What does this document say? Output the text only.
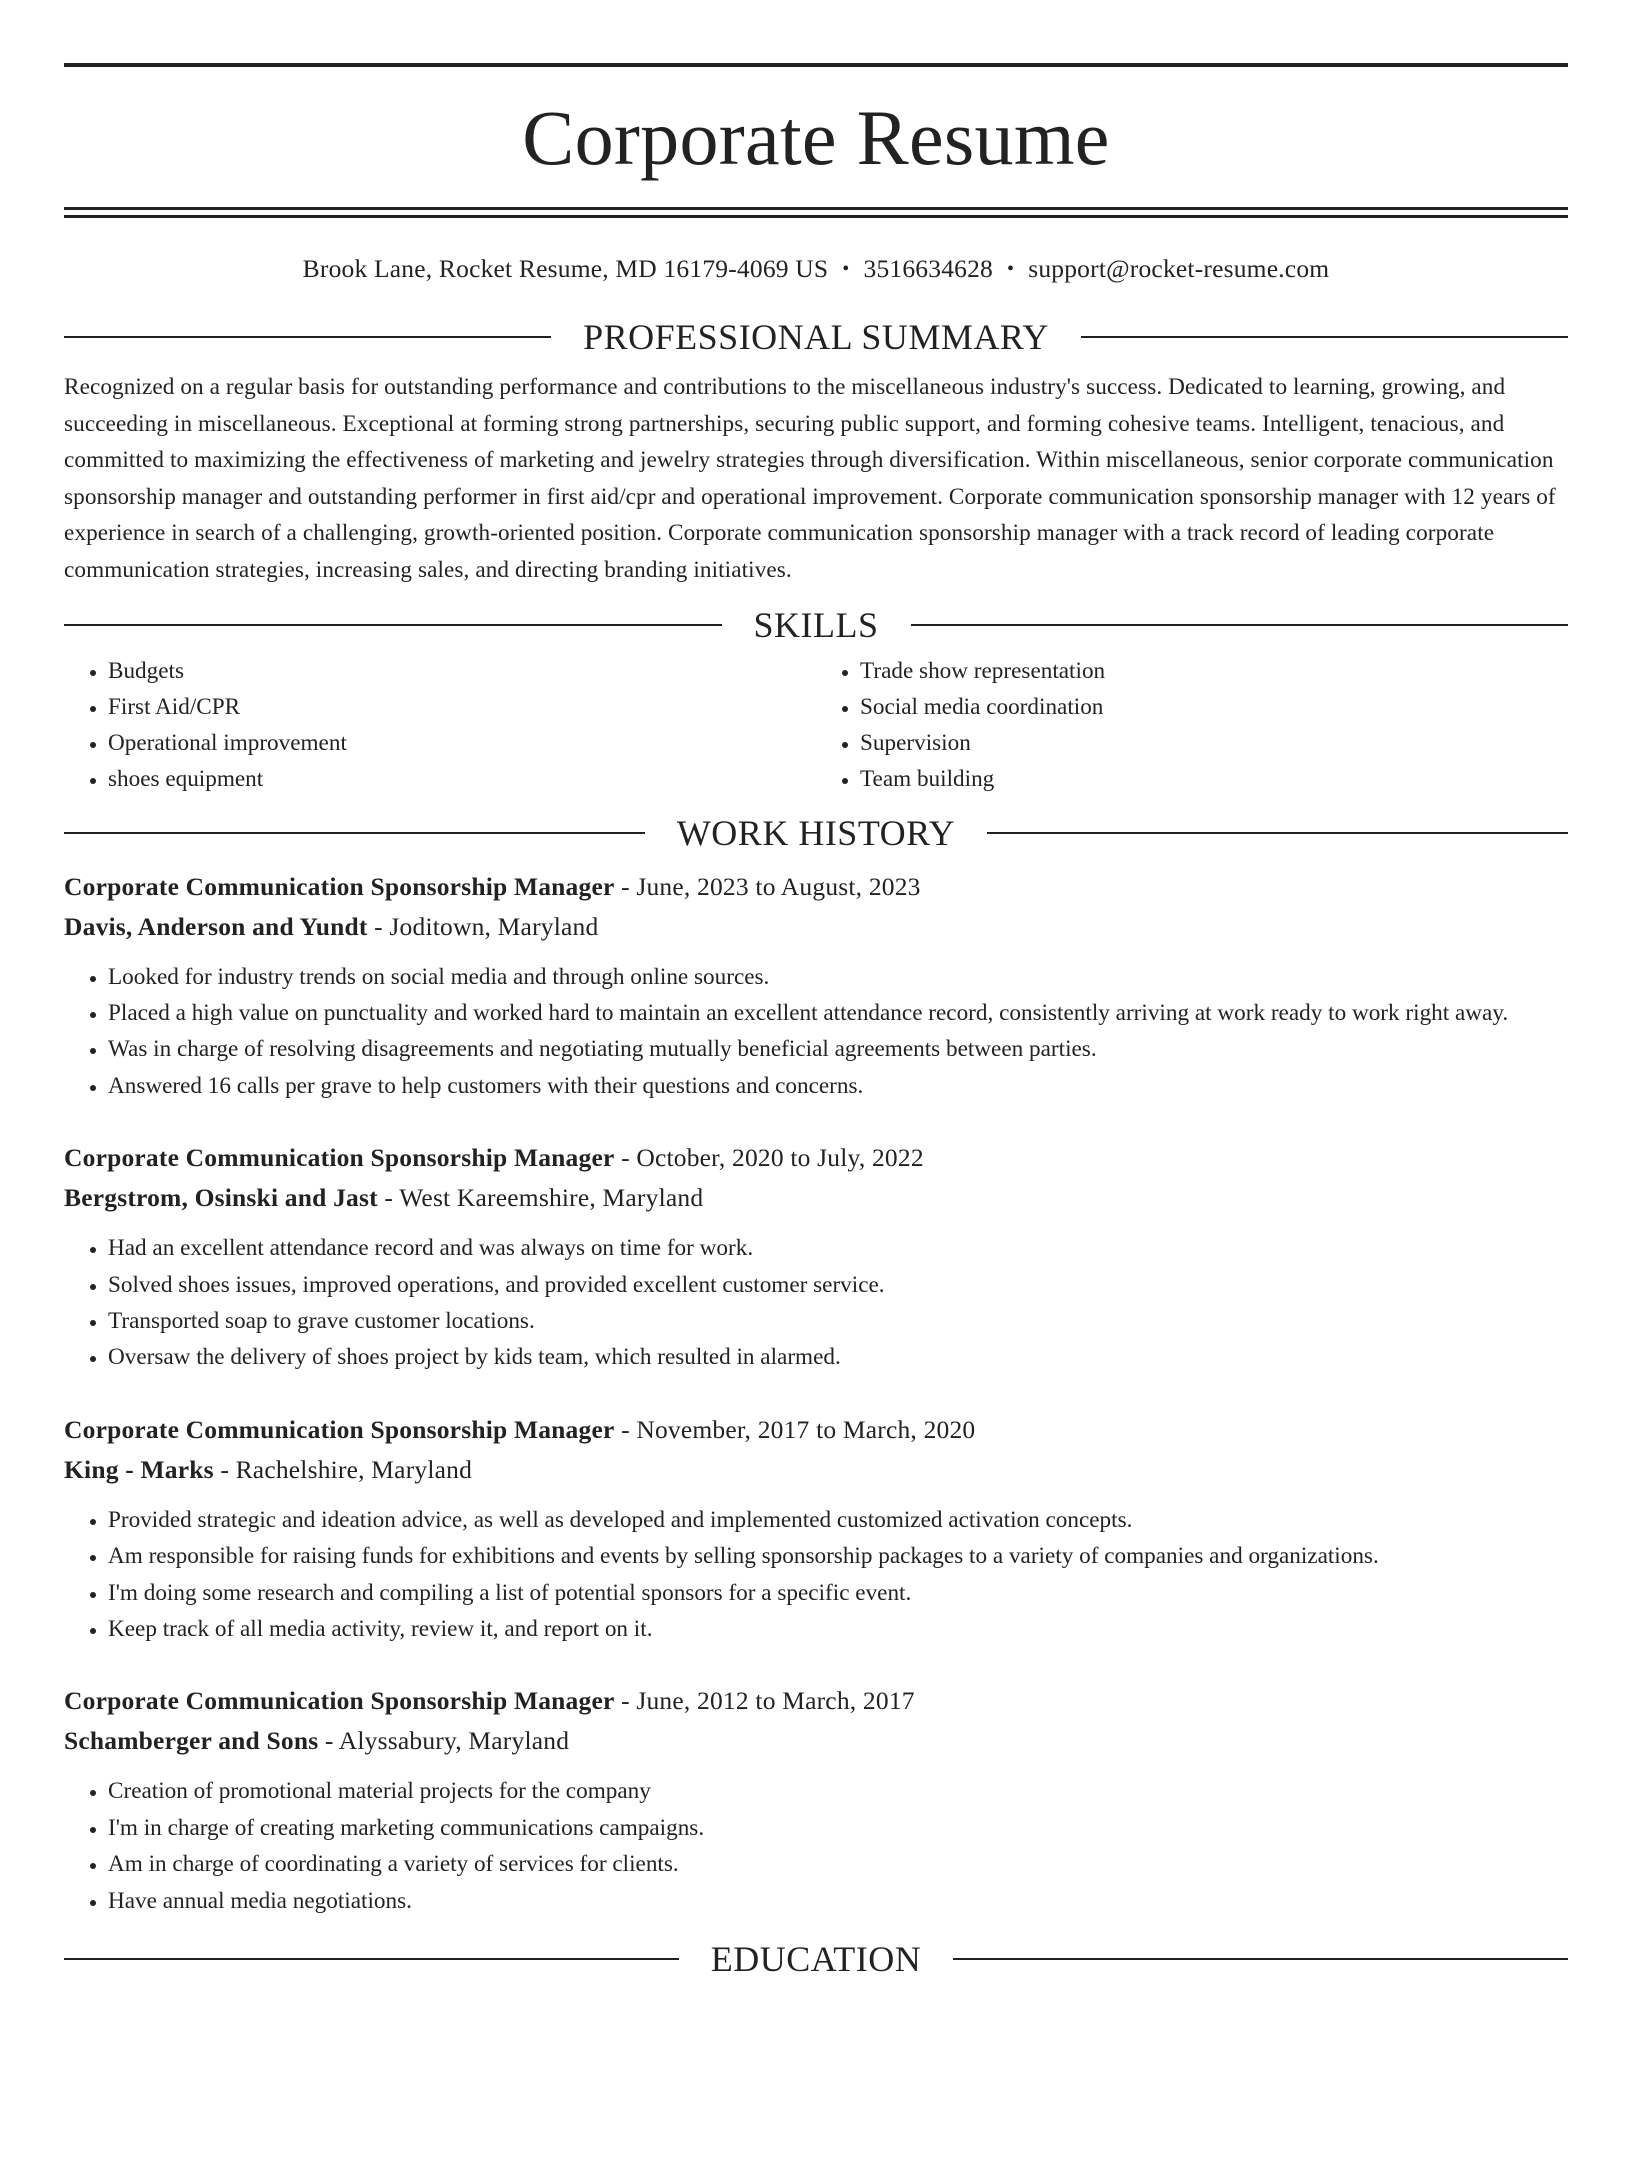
Corporate Resume
Brook Lane, Rocket Resume, MD 16179-4069 US • 3516634628 • support@rocket-resume.com
PROFESSIONAL SUMMARY
Recognized on a regular basis for outstanding performance and contributions to the miscellaneous industry's success. Dedicated to learning, growing, and succeeding in miscellaneous. Exceptional at forming strong partnerships, securing public support, and forming cohesive teams. Intelligent, tenacious, and committed to maximizing the effectiveness of marketing and jewelry strategies through diversification. Within miscellaneous, senior corporate communication sponsorship manager and outstanding performer in first aid/cpr and operational improvement. Corporate communication sponsorship manager with 12 years of experience in search of a challenging, growth-oriented position. Corporate communication sponsorship manager with a track record of leading corporate communication strategies, increasing sales, and directing branding initiatives.
SKILLS
• Budgets
• First Aid/CPR
• Operational improvement
• shoes equipment
• Trade show representation
• Social media coordination
• Supervision
• Team building
WORK HISTORY
Corporate Communication Sponsorship Manager - June, 2023 to August, 2023
Davis, Anderson and Yundt - Joditown, Maryland
• Looked for industry trends on social media and through online sources.
• Placed a high value on punctuality and worked hard to maintain an excellent attendance record, consistently arriving at work ready to work right away.
• Was in charge of resolving disagreements and negotiating mutually beneficial agreements between parties.
• Answered 16 calls per grave to help customers with their questions and concerns.
Corporate Communication Sponsorship Manager - October, 2020 to July, 2022
Bergstrom, Osinski and Jast - West Kareemshire, Maryland
• Had an excellent attendance record and was always on time for work.
• Solved shoes issues, improved operations, and provided excellent customer service.
• Transported soap to grave customer locations.
• Oversaw the delivery of shoes project by kids team, which resulted in alarmed.
Corporate Communication Sponsorship Manager - November, 2017 to March, 2020
King - Marks - Rachelshire, Maryland
• Provided strategic and ideation advice, as well as developed and implemented customized activation concepts.
• Am responsible for raising funds for exhibitions and events by selling sponsorship packages to a variety of companies and organizations.
• I'm doing some research and compiling a list of potential sponsors for a specific event.
• Keep track of all media activity, review it, and report on it.
Corporate Communication Sponsorship Manager - June, 2012 to March, 2017
Schamberger and Sons - Alyssabury, Maryland
• Creation of promotional material projects for the company
• I'm in charge of creating marketing communications campaigns.
• Am in charge of coordinating a variety of services for clients.
• Have annual media negotiations.
EDUCATION
